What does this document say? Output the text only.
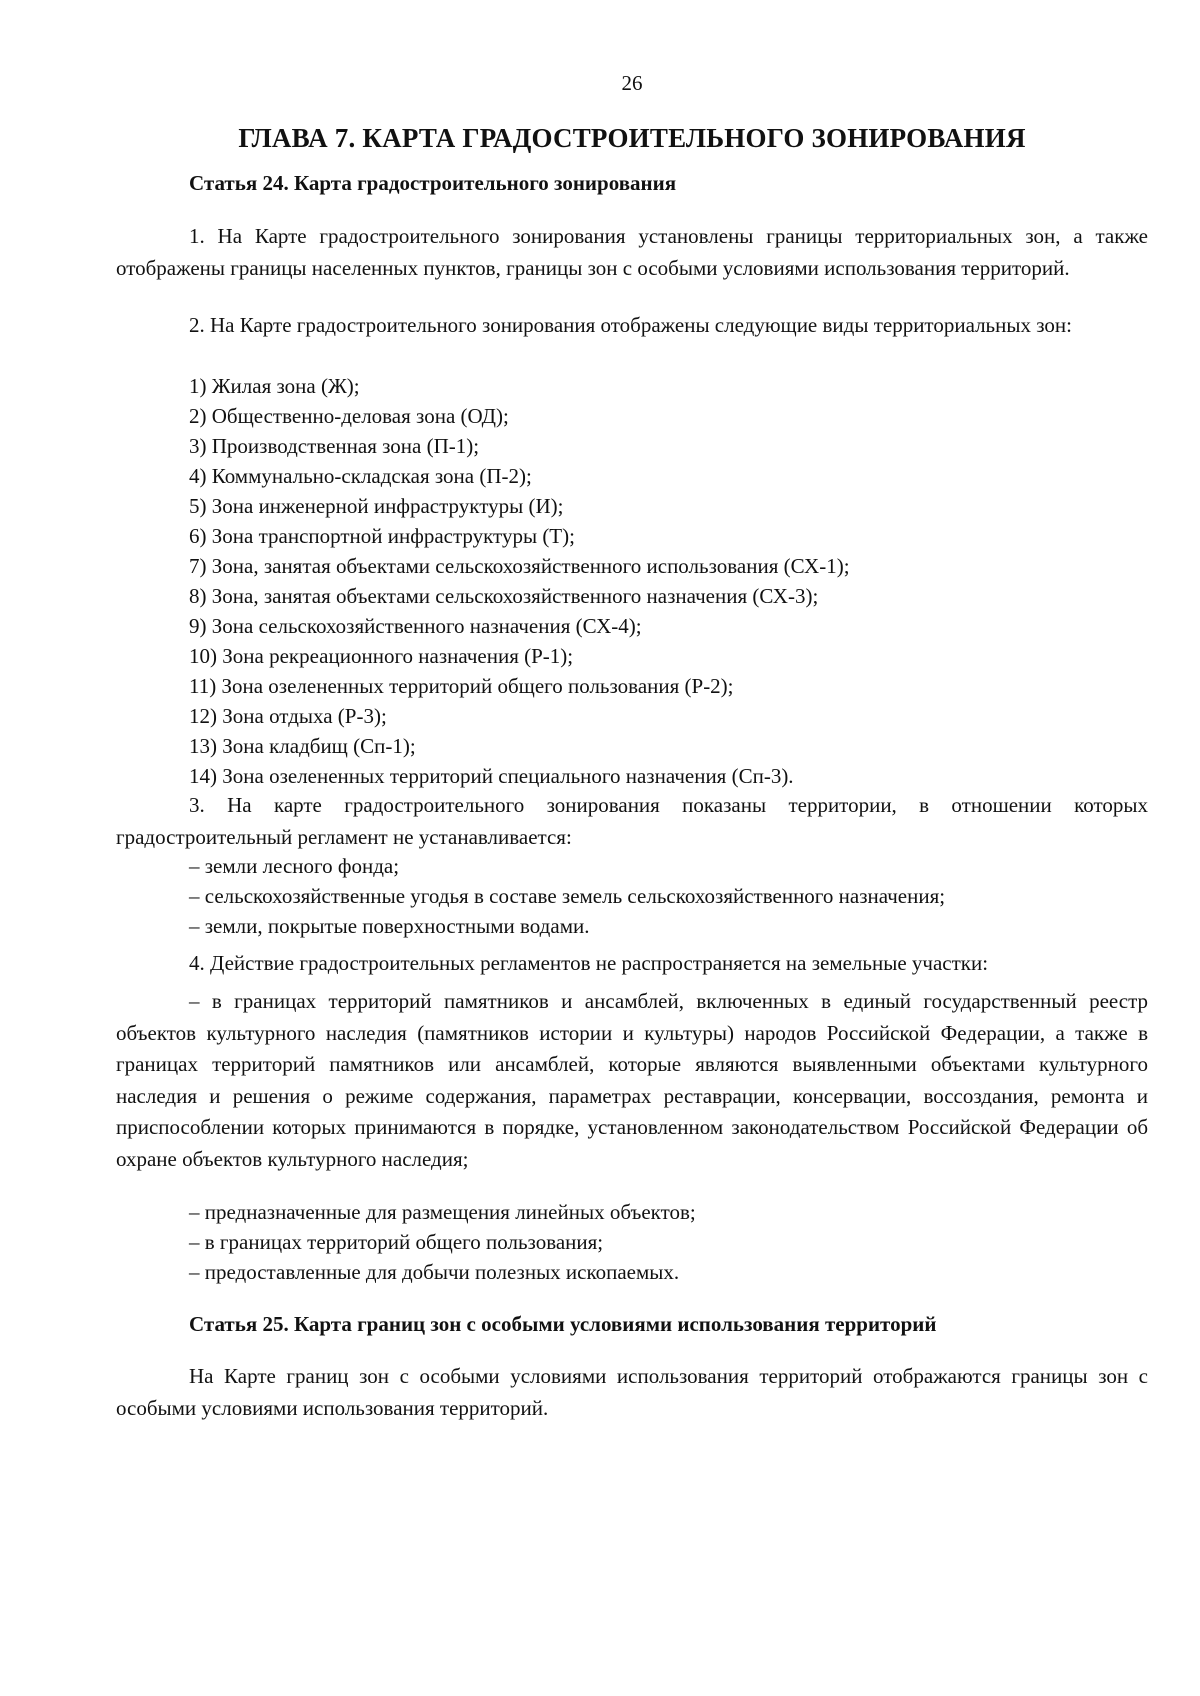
26
ГЛАВА 7. КАРТА ГРАДОСТРОИТЕЛЬНОГО ЗОНИРОВАНИЯ
Статья 24. Карта градостроительного зонирования
1. На Карте градостроительного зонирования установлены границы территориальных зон, а также отображены границы населенных пунктов, границы зон с особыми условиями использования территорий.
2. На Карте градостроительного зонирования отображены следующие виды территориальных зон:
1) Жилая зона (Ж);
2) Общественно-деловая зона (ОД);
3) Производственная зона (П-1);
4) Коммунально-складская зона (П-2);
5) Зона инженерной инфраструктуры (И);
6) Зона транспортной инфраструктуры (Т);
7) Зона, занятая объектами сельскохозяйственного использования (СХ-1);
8) Зона, занятая объектами сельскохозяйственного назначения (СХ-3);
9) Зона сельскохозяйственного назначения (СХ-4);
10) Зона рекреационного назначения (Р-1);
11) Зона озелененных территорий общего пользования (Р-2);
12) Зона отдыха (Р-3);
13) Зона кладбищ (Сп-1);
14) Зона озелененных территорий специального назначения (Сп-3).
3. На карте градостроительного зонирования показаны территории, в отношении которых градостроительный регламент не устанавливается:
‒ земли лесного фонда;
‒ сельскохозяйственные угодья в составе земель сельскохозяйственного назначения;
‒ земли, покрытые поверхностными водами.
4. Действие градостроительных регламентов не распространяется на земельные участки:
– в границах территорий памятников и ансамблей, включенных в единый государственный реестр объектов культурного наследия (памятников истории и культуры) народов Российской Федерации, а также в границах территорий памятников или ансамблей, которые являются выявленными объектами культурного наследия и решения о режиме содержания, параметрах реставрации, консервации, воссоздания, ремонта и приспособлении которых принимаются в порядке, установленном законодательством Российской Федерации об охране объектов культурного наследия;
– предназначенные для размещения линейных объектов;
– в границах территорий общего пользования;
– предоставленные для добычи полезных ископаемых.
Статья 25. Карта границ зон с особыми условиями использования территорий
На Карте границ зон с особыми условиями использования территорий отображаются границы зон с особыми условиями использования территорий.
